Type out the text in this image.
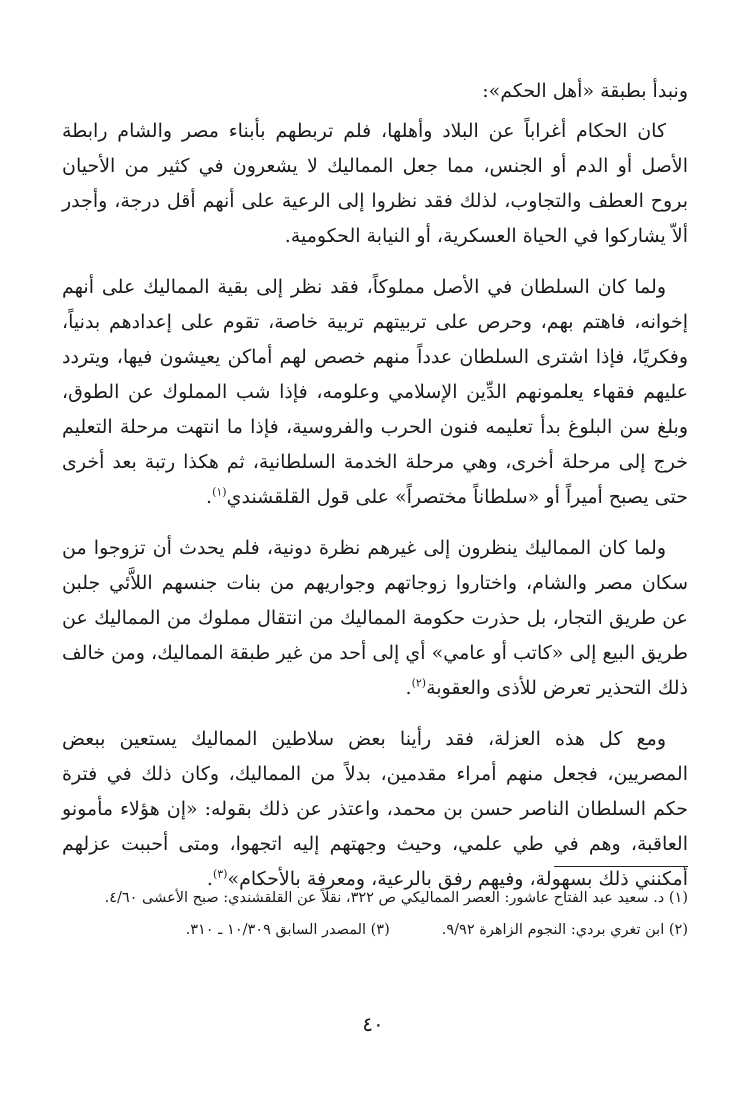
ونبدأ بطبقة «أهل الحكم»:

كان الحكام أغراباً عن البلاد وأهلها، فلم تربطهم بأبناء مصر والشام رابطة الأصل أو الدم أو الجنس، مما جعل المماليك لا يشعرون في كثير من الأحيان بروح العطف والتجاوب، لذلك فقد نظروا إلى الرعية على أنهم أقل درجة، وأجدر ألاّ يشاركوا في الحياة العسكرية، أو النيابة الحكومية.

ولما كان السلطان في الأصل مملوكاً، فقد نظر إلى بقية المماليك على أنهم إخوانه، فاهتم بهم، وحرص على تربيتهم تربية خاصة، تقوم على إعدادهم بدنياً، وفكريًا، فإذا اشترى السلطان عدداً منهم خصص لهم أماكن يعيشون فيها، ويتردد عليهم فقهاء يعلمونهم الدِّين الإسلامي وعلومه، فإذا شب المملوك عن الطوق، وبلغ سن البلوغ بدأ تعليمه فنون الحرب والفروسية، فإذا ما انتهت مرحلة التعليم خرج إلى مرحلة أخرى، وهي مرحلة الخدمة السلطانية، ثم هكذا رتبة بعد أخرى حتى يصبح أميراً أو «سلطاناً مختصراً» على قول القلقشندي$^{(١)}$.

ولما كان المماليك ينظرون إلى غيرهم نظرة دونية، فلم يحدث أن تزوجوا من سكان مصر والشام، واختاروا زوجاتهم وجواريهم من بنات جنسهم اللاَّئي جلبن عن طريق التجار، بل حذرت حكومة المماليك من انتقال مملوك من المماليك عن طريق البيع إلى «كاتب أو عامي» أي إلى أحد من غير طبقة المماليك، ومن خالف ذلك التحذير تعرض للأذى والعقوبة$^{(٢)}$.

ومع كل هذه العزلة، فقد رأينا بعض سلاطين المماليك يستعين ببعض المصريين، فجعل منهم أمراء مقدمين، بدلاً من المماليك، وكان ذلك في فترة حكم السلطان الناصر حسن بن محمد، واعتذر عن ذلك بقوله: «إن هؤلاء مأمونو العاقبة، وهم في طي علمي، وحيث وجهتهم إليه اتجهوا، ومتى أحببت عزلهم أمكنني ذلك بسهولة، وفيهم رفق بالرعية، ومعرفة بالأحكام»$^{(٣)}$.

(١) د. سعيد عبد الفتاح عاشور: العصر المماليكي ص ٣٢٢، نقلاً عن القلقشندي: صبح الأعشى ٤/٦٠.

(٢) ابن تغري بردي: النجوم الزاهرة ٩/٩٢.
(٣) المصدر السابق ١٠/٣٠٩ ـ ٣١٠.
٤٠
